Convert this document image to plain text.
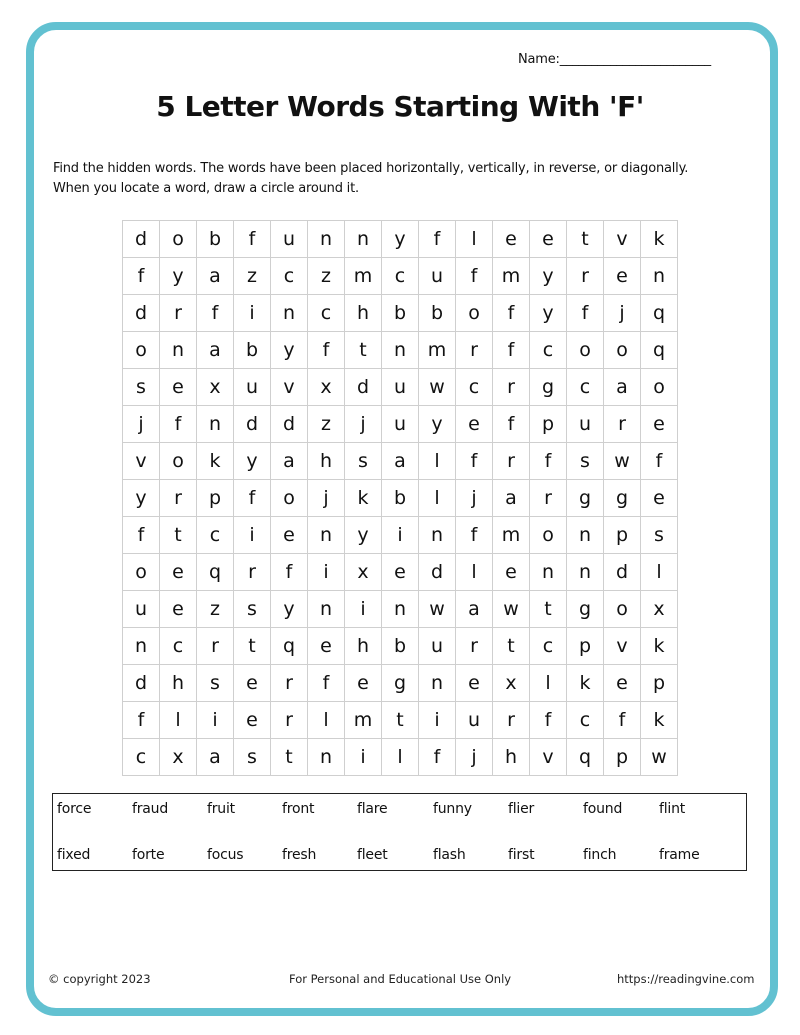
Name:________________________
5 Letter Words Starting With 'F'
Find the hidden words. The words have been placed horizontally, vertically, in reverse, or diagonally. When you locate a word, draw a circle around it.
d	o	b	f	u	n	n	y	f	l	e	e	t	v	k
f	y	a	z	c	z	m	c	u	f	m	y	r	e	n
d	r	f	i	n	c	h	b	b	o	f	y	f	j	q
o	n	a	b	y	f	t	n	m	r	f	c	o	o	q
s	e	x	u	v	x	d	u	w	c	r	g	c	a	o
j	f	n	d	d	z	j	u	y	e	f	p	u	r	e
v	o	k	y	a	h	s	a	l	f	r	f	s	w	f
y	r	p	f	o	j	k	b	l	j	a	r	g	g	e
f	t	c	i	e	n	y	i	n	f	m	o	n	p	s
o	e	q	r	f	i	x	e	d	l	e	n	n	d	l
u	e	z	s	y	n	i	n	w	a	w	t	g	o	x
n	c	r	t	q	e	h	b	u	r	t	c	p	v	k
d	h	s	e	r	f	e	g	n	e	x	l	k	e	p
f	l	i	e	r	l	m	t	i	u	r	f	c	f	k
c	x	a	s	t	n	i	l	f	j	h	v	q	p	w
force	fraud	fruit	front	flare	funny	flier	found	flint
fixed	forte	focus	fresh	fleet	flash	first	finch	frame
© copyright 2023	For Personal and Educational Use Only	https://readingvine.com
